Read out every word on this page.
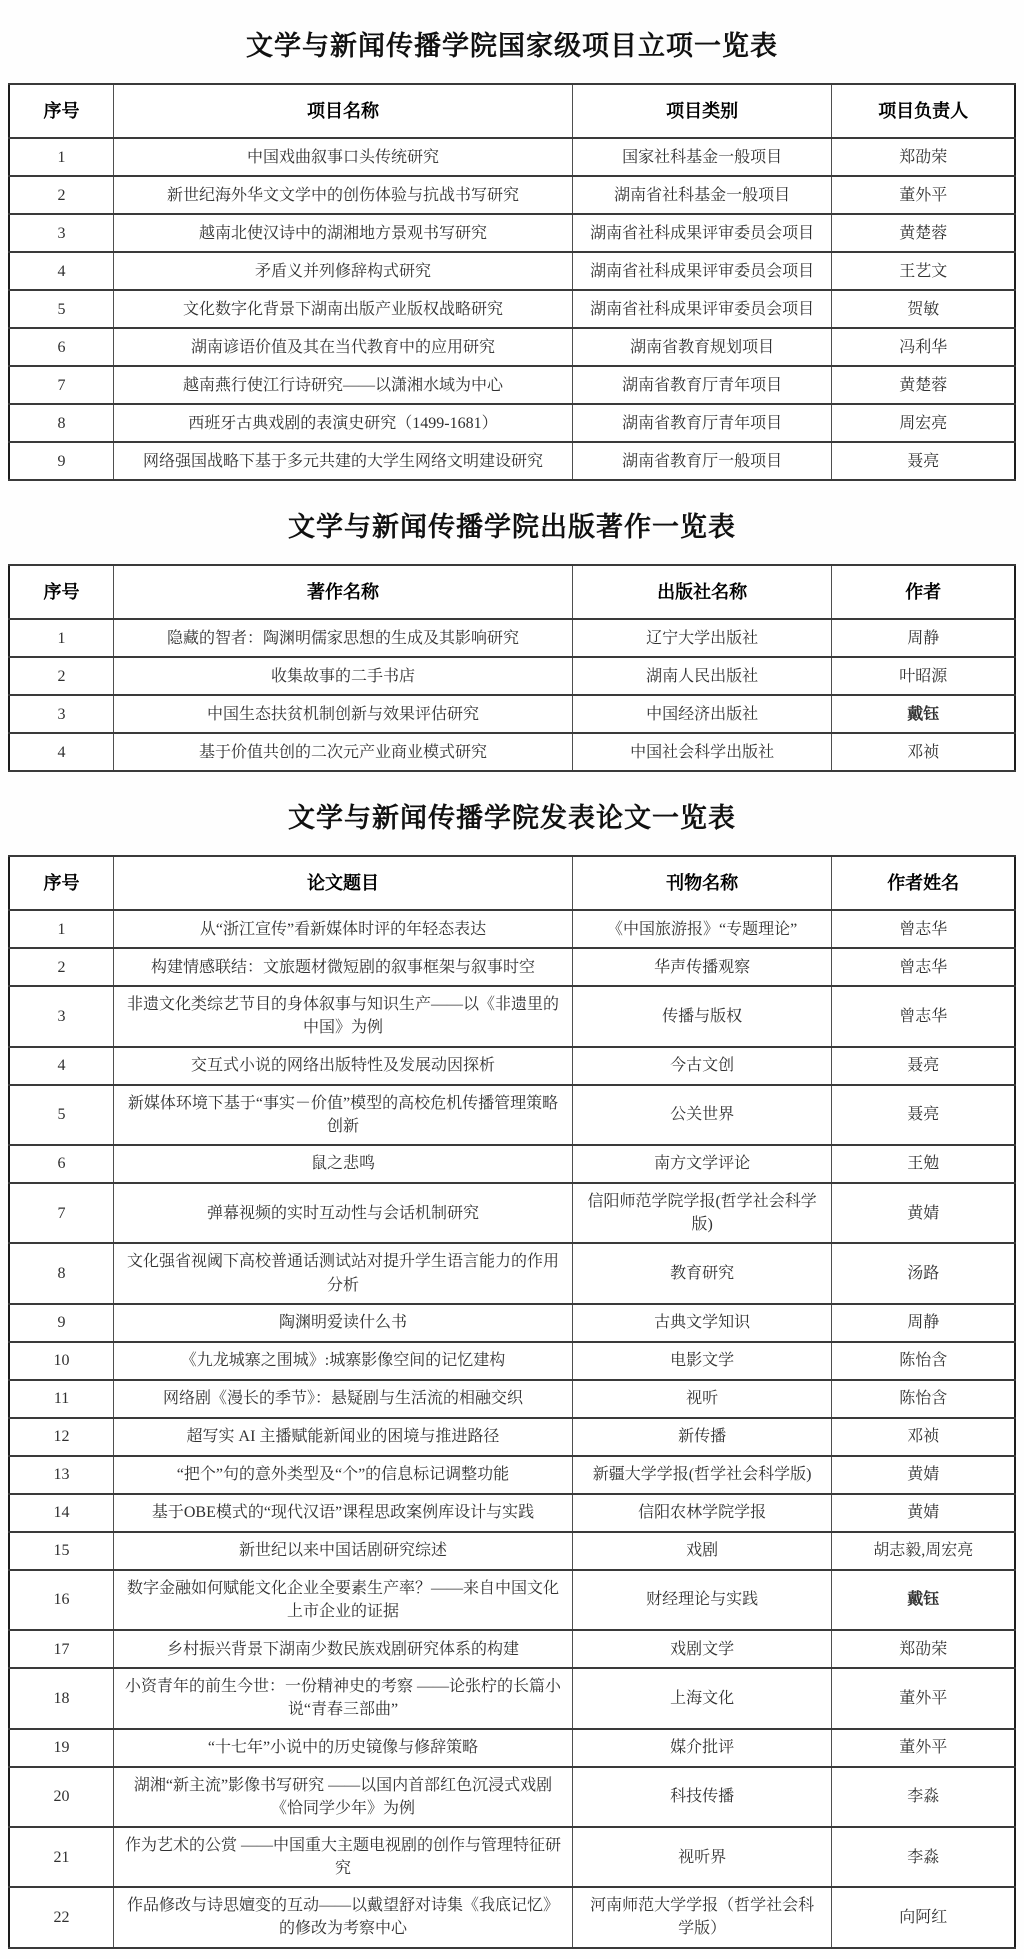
文学与新闻传播学院国家级项目立项一览表
序号	项目名称	项目类别	项目负责人
1	中国戏曲叙事口头传统研究	国家社科基金一般项目	郑劭荣
2	新世纪海外华文文学中的创伤体验与抗战书写研究	湖南省社科基金一般项目	董外平
3	越南北使汉诗中的湖湘地方景观书写研究	湖南省社科成果评审委员会项目	黄楚蓉
4	矛盾义并列修辞构式研究	湖南省社科成果评审委员会项目	王艺文
5	文化数字化背景下湖南出版产业版权战略研究	湖南省社科成果评审委员会项目	贺敏
6	湖南谚语价值及其在当代教育中的应用研究	湖南省教育规划项目	冯利华
7	越南燕行使江行诗研究——以潇湘水域为中心	湖南省教育厅青年项目	黄楚蓉
8	西班牙古典戏剧的表演史研究（1499-1681）	湖南省教育厅青年项目	周宏亮
9	网络强国战略下基于多元共建的大学生网络文明建设研究	湖南省教育厅一般项目	聂亮
文学与新闻传播学院出版著作一览表
序号	著作名称	出版社名称	作者
1	隐藏的智者：陶渊明儒家思想的生成及其影响研究	辽宁大学出版社	周静
2	收集故事的二手书店	湖南人民出版社	叶昭源
3	中国生态扶贫机制创新与效果评估研究	中国经济出版社	戴钰
4	基于价值共创的二次元产业商业模式研究	中国社会科学出版社	邓祯
文学与新闻传播学院发表论文一览表
序号	论文题目	刊物名称	作者姓名
1	从“浙江宣传”看新媒体时评的年轻态表达	《中国旅游报》“专题理论”	曾志华
2	构建情感联结：文旅题材微短剧的叙事框架与叙事时空	华声传播观察	曾志华
3	非遗文化类综艺节目的身体叙事与知识生产——以《非遗里的中国》为例	传播与版权	曾志华
4	交互式小说的网络出版特性及发展动因探析	今古文创	聂亮
5	新媒体环境下基于“事实－价值”模型的高校危机传播管理策略创新	公关世界	聂亮
6	鼠之悲鸣	南方文学评论	王勉
7	弹幕视频的实时互动性与会话机制研究	信阳师范学院学报(哲学社会科学版)	黄婧
8	文化强省视阈下高校普通话测试站对提升学生语言能力的作用分析	教育研究	汤路
9	陶渊明爱读什么书	古典文学知识	周静
10	《九龙城寨之围城》:城寨影像空间的记忆建构	电影文学	陈怡含
11	网络剧《漫长的季节》：悬疑剧与生活流的相融交织	视听	陈怡含
12	超写实 AI 主播赋能新闻业的困境与推进路径	新传播	邓祯
13	“把个”句的意外类型及“个”的信息标记调整功能	新疆大学学报(哲学社会科学版)	黄婧
14	基于OBE模式的“现代汉语”课程思政案例库设计与实践	信阳农林学院学报	黄婧
15	新世纪以来中国话剧研究综述	戏剧	胡志毅,周宏亮
16	数字金融如何赋能文化企业全要素生产率？——来自中国文化上市企业的证据	财经理论与实践	戴钰
17	乡村振兴背景下湖南少数民族戏剧研究体系的构建	戏剧文学	郑劭荣
18	小资青年的前生今世：一份精神史的考察 ——论张柠的长篇小说“青春三部曲”	上海文化	董外平
19	“十七年”小说中的历史镜像与修辞策略	媒介批评	董外平
20	湖湘“新主流”影像书写研究 ——以国内首部红色沉浸式戏剧《恰同学少年》为例	科技传播	李淼
21	作为艺术的公赏 ——中国重大主题电视剧的创作与管理特征研究	视听界	李淼
22	作品修改与诗思嬗变的互动——以戴望舒对诗集《我底记忆》的修改为考察中心	河南师范大学学报（哲学社会科学版）	向阿红
